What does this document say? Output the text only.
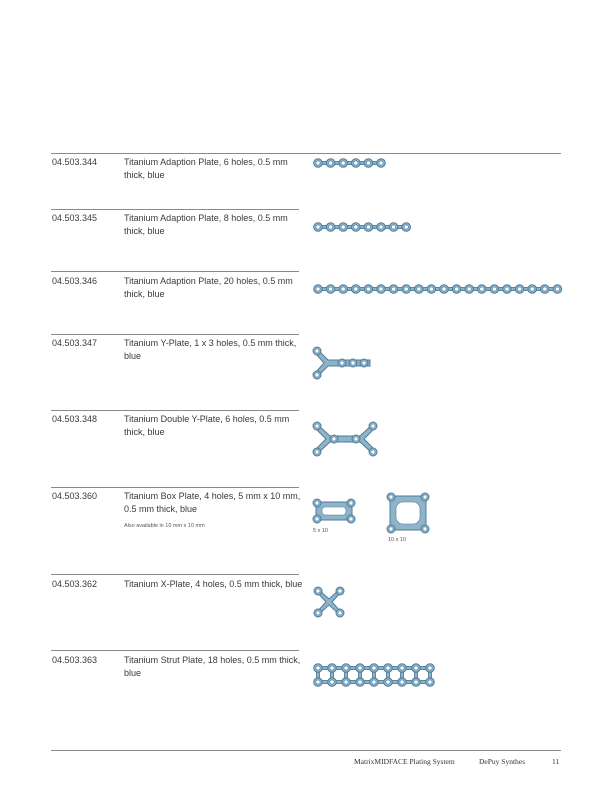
04.503.344	Titanium Adaption Plate, 6 holes, 0.5 mm thick, blue
04.503.345	Titanium Adaption Plate, 8 holes, 0.5 mm thick, blue
04.503.346	Titanium Adaption Plate, 20 holes, 0.5 mm thick, blue
04.503.347	Titanium Y-Plate, 1 x 3 holes, 0.5 mm thick, blue
04.503.348	Titanium Double Y-Plate, 6 holes, 0.5 mm thick, blue
04.503.360	Titanium Box Plate, 4 holes, 5 mm x 10 mm, 0.5 mm thick, blue
Also available in 10 mm x 10 mm
5 x 10
10 x 10
04.503.362	Titanium X-Plate, 4 holes, 0.5 mm thick, blue
04.503.363	Titanium Strut Plate, 18 holes, 0.5 mm thick, blue
MatrixMIDFACE Plating System	DePuy Synthes	11
